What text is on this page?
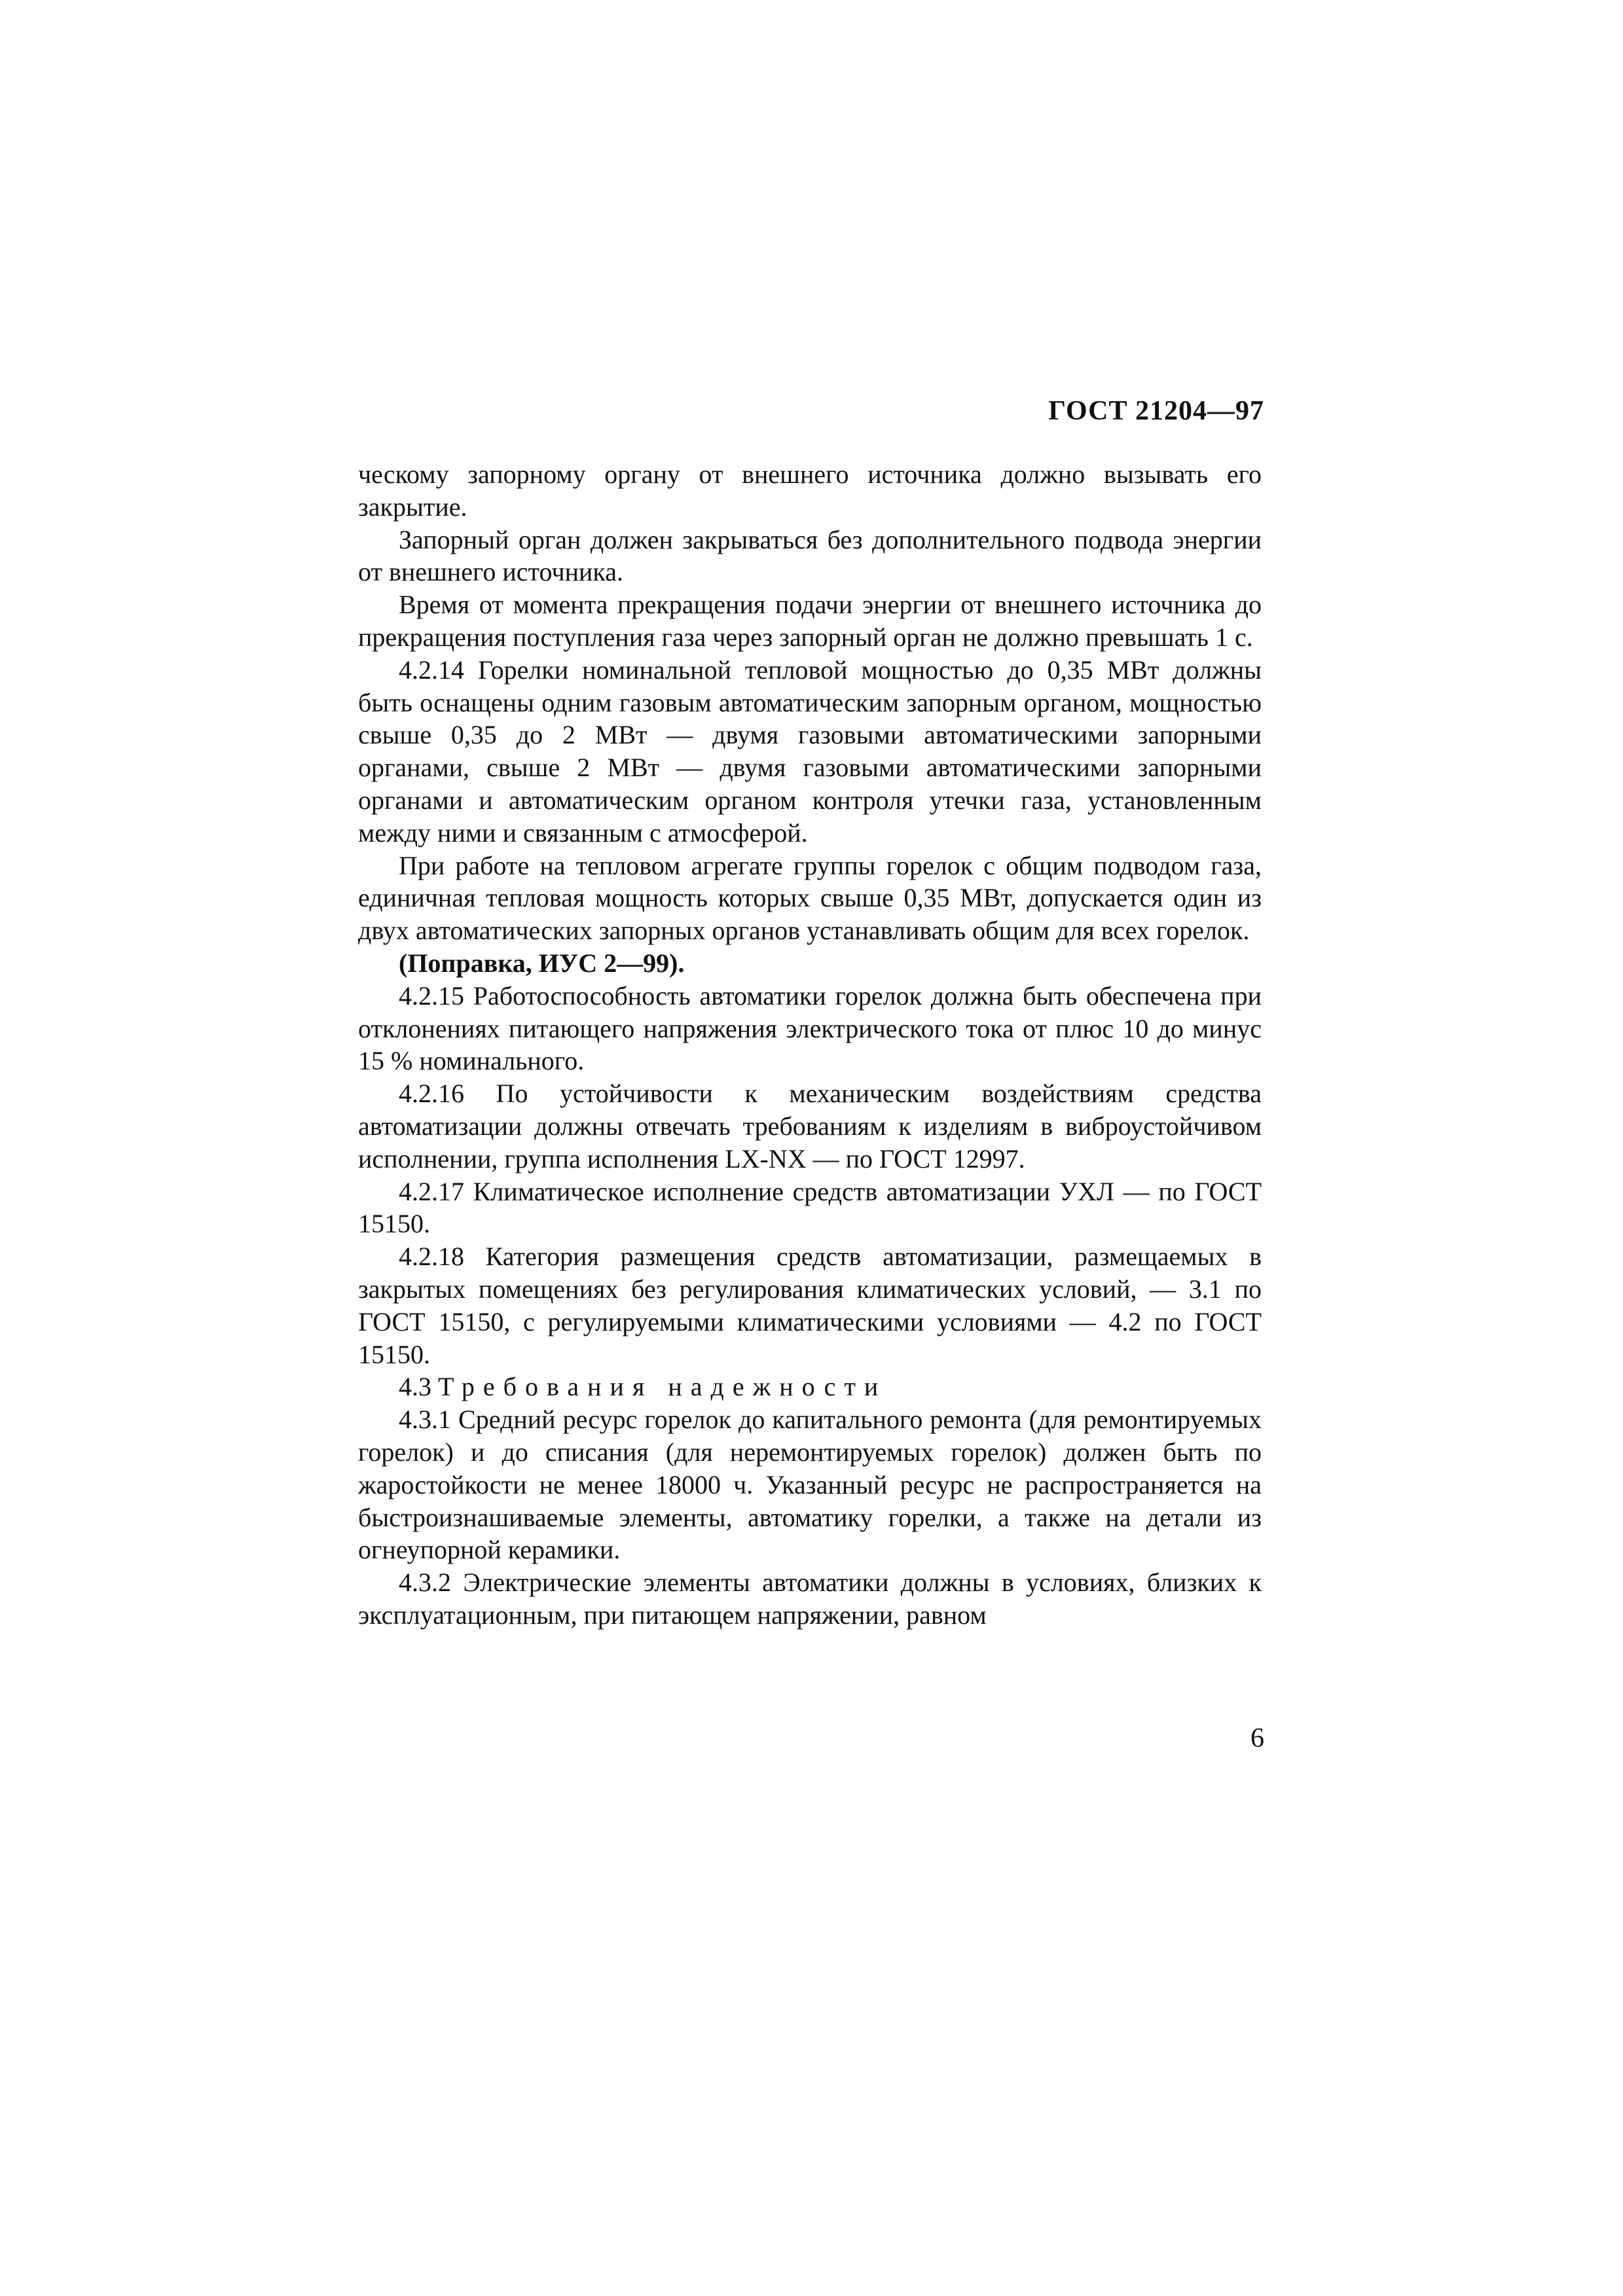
ГОСТ 21204—97

ческому запорному органу от внешнего источника должно вызывать его закрытие.

Запорный орган должен закрываться без дополнительного подвода энергии от внешнего источника.

Время от момента прекращения подачи энергии от внешнего источника до прекращения поступления газа через запорный орган не должно превышать 1 с.

4.2.14 Горелки номинальной тепловой мощностью до 0,35 МВт должны быть оснащены одним газовым автоматическим запорным органом, мощностью свыше 0,35 до 2 МВт — двумя газовыми автоматическими запорными органами, свыше 2 МВт — двумя газовыми автоматическими запорными органами и автоматическим органом контроля утечки газа, установленным между ними и связанным с атмосферой.

При работе на тепловом агрегате группы горелок с общим подводом газа, единичная тепловая мощность которых свыше 0,35 МВт, допускается один из двух автоматических запорных органов устанавливать общим для всех горелок.

(Поправка, ИУС 2—99).

4.2.15 Работоспособность автоматики горелок должна быть обеспечена при отклонениях питающего напряжения электрического тока от плюс 10 до минус 15 % номинального.

4.2.16 По устойчивости к механическим воздействиям средства автоматизации должны отвечать требованиям к изделиям в виброустойчивом исполнении, группа исполнения LX-NX — по ГОСТ 12997.

4.2.17 Климатическое исполнение средств автоматизации УХЛ — по ГОСТ 15150.

4.2.18 Категория размещения средств автоматизации, размещаемых в закрытых помещениях без регулирования климатических условий, — 3.1 по ГОСТ 15150, с регулируемыми климатическими условиями — 4.2 по ГОСТ 15150.

4.3 Требования надежности

4.3.1 Средний ресурс горелок до капитального ремонта (для ремонтируемых горелок) и до списания (для неремонтируемых горелок) должен быть по жаростойкости не менее 18000 ч. Указанный ресурс не распространяется на быстроизнашиваемые элементы, автоматику горелки, а также на детали из огнеупорной керамики.

4.3.2 Электрические элементы автоматики должны в условиях, близких к эксплуатационным, при питающем напряжении, равном

6
